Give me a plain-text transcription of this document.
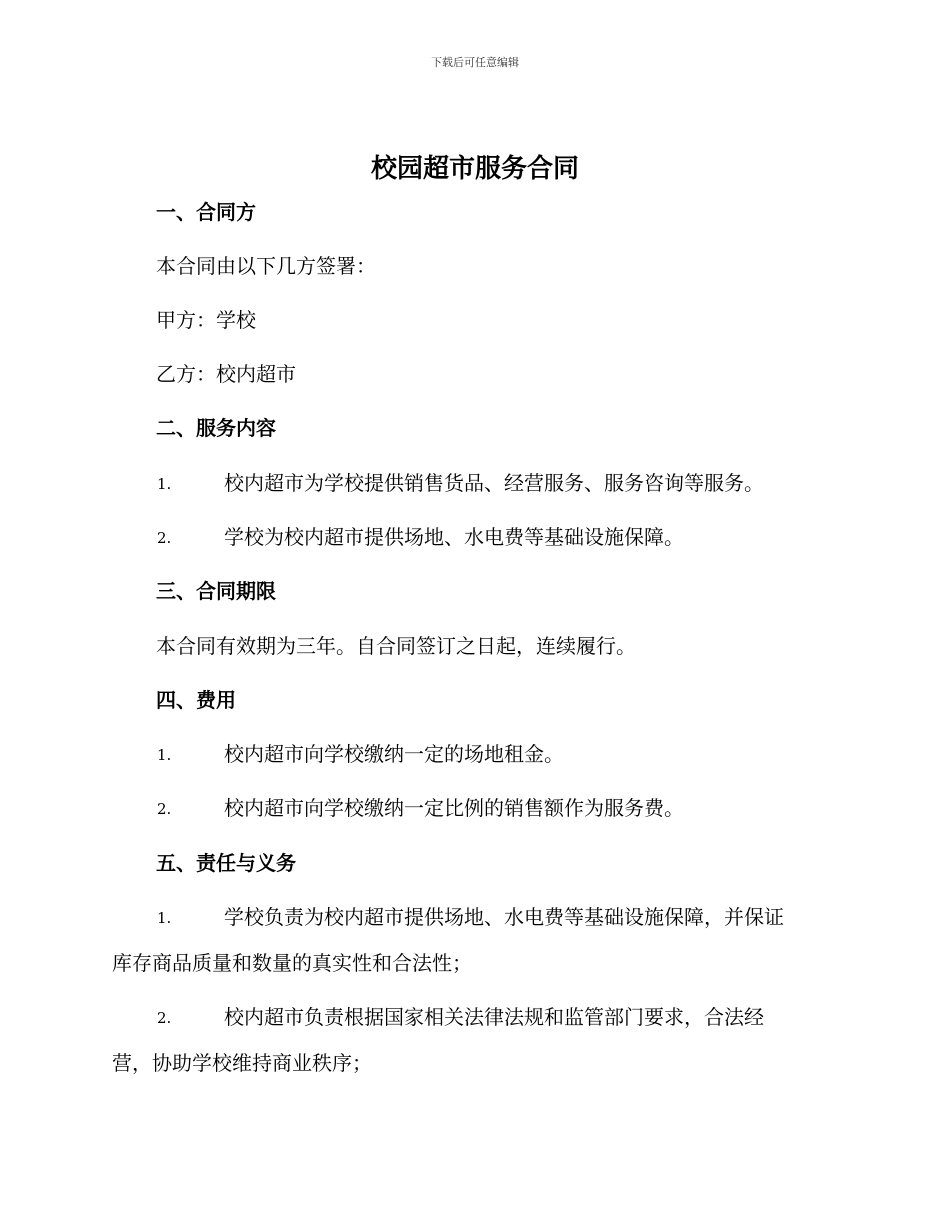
下载后可任意编辑
校园超市服务合同
一、合同方
本合同由以下几方签署：
甲方：学校
乙方：校内超市
二、服务内容
1.	校内超市为学校提供销售货品、经营服务、服务咨询等服务。
2.	学校为校内超市提供场地、水电费等基础设施保障。
三、合同期限
本合同有效期为三年。自合同签订之日起，连续履行。
四、费用
1.	校内超市向学校缴纳一定的场地租金。
2.	校内超市向学校缴纳一定比例的销售额作为服务费。
五、责任与义务
1.	学校负责为校内超市提供场地、水电费等基础设施保障，并保证
库存商品质量和数量的真实性和合法性；
2.	校内超市负责根据国家相关法律法规和监管部门要求，合法经
营，协助学校维持商业秩序；
